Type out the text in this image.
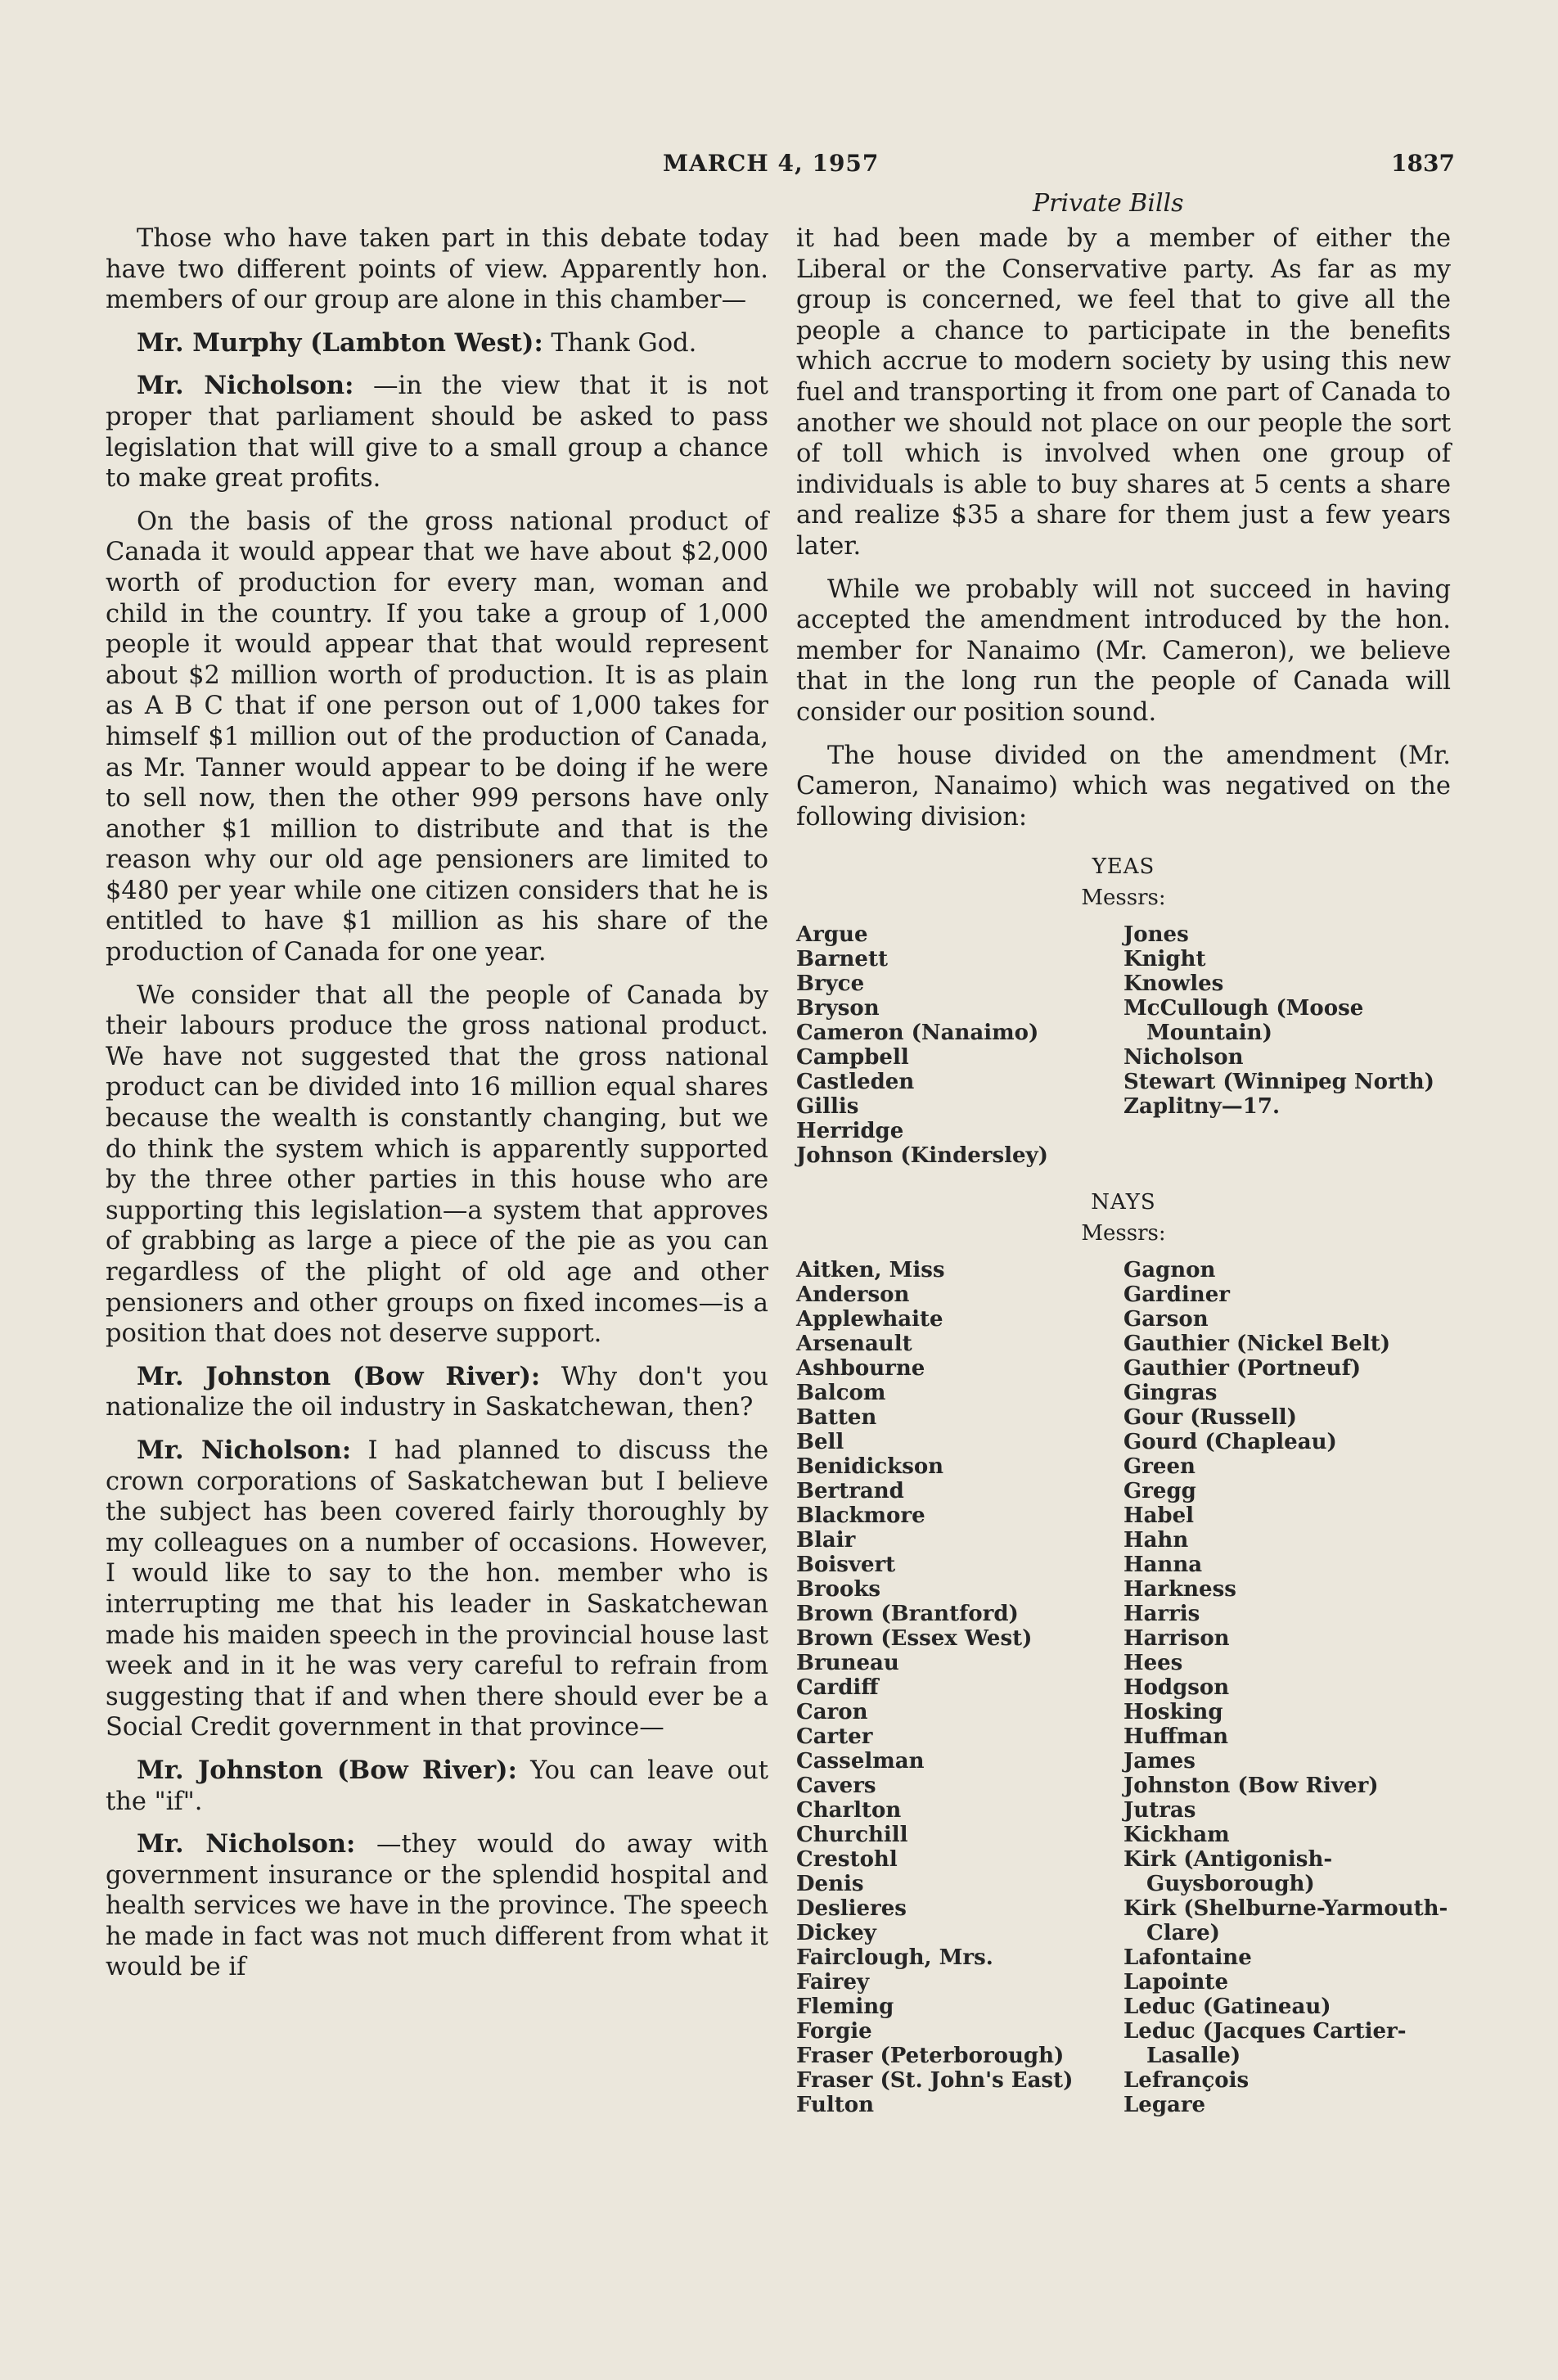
MARCH 4, 1957	1837
Private Bills

Those who have taken part in this debate today have two different points of view. Apparently hon. members of our group are alone in this chamber—

Mr. Murphy (Lambton West): Thank God.

Mr. Nicholson: —in the view that it is not proper that parliament should be asked to pass legislation that will give to a small group a chance to make great profits.

On the basis of the gross national product of Canada it would appear that we have about $2,000 worth of production for every man, woman and child in the country. If you take a group of 1,000 people it would appear that that would represent about $2 million worth of production. It is as plain as A B C that if one person out of 1,000 takes for himself $1 million out of the production of Canada, as Mr. Tanner would appear to be doing if he were to sell now, then the other 999 persons have only another $1 million to distribute and that is the reason why our old age pensioners are limited to $480 per year while one citizen considers that he is entitled to have $1 million as his share of the production of Canada for one year.

We consider that all the people of Canada by their labours produce the gross national product. We have not suggested that the gross national product can be divided into 16 million equal shares because the wealth is constantly changing, but we do think the system which is apparently supported by the three other parties in this house who are supporting this legislation—a system that approves of grabbing as large a piece of the pie as you can regardless of the plight of old age and other pensioners and other groups on fixed incomes—is a position that does not deserve support.

Mr. Johnston (Bow River): Why don't you nationalize the oil industry in Saskatchewan, then?

Mr. Nicholson: I had planned to discuss the crown corporations of Saskatchewan but I believe the subject has been covered fairly thoroughly by my colleagues on a number of occasions. However, I would like to say to the hon. member who is interrupting me that his leader in Saskatchewan made his maiden speech in the provincial house last week and in it he was very careful to refrain from suggesting that if and when there should ever be a Social Credit government in that province—

Mr. Johnston (Bow River): You can leave out the "if".

Mr. Nicholson: —they would do away with government insurance or the splendid hospital and health services we have in the province. The speech he made in fact was not much different from what it would be if

it had been made by a member of either the Liberal or the Conservative party. As far as my group is concerned, we feel that to give all the people a chance to participate in the benefits which accrue to modern society by using this new fuel and transporting it from one part of Canada to another we should not place on our people the sort of toll which is involved when one group of individuals is able to buy shares at 5 cents a share and realize $35 a share for them just a few years later.

While we probably will not succeed in having accepted the amendment introduced by the hon. member for Nanaimo (Mr. Cameron), we believe that in the long run the people of Canada will consider our position sound.

The house divided on the amendment (Mr. Cameron, Nanaimo) which was negatived on the following division:

YEAS
Messrs:
Argue
Barnett
Bryce
Bryson
Cameron (Nanaimo)
Campbell
Castleden
Gillis
Herridge
Johnson (Kindersley)
Jones
Knight
Knowles
McCullough (Moose Mountain)
Nicholson
Stewart (Winnipeg North)
Zaplitny—17.
NAYS
Messrs:
Aitken, Miss
Anderson
Applewhaite
Arsenault
Ashbourne
Balcom
Batten
Bell
Benidickson
Bertrand
Blackmore
Blair
Boisvert
Brooks
Brown (Brantford)
Brown (Essex West)
Bruneau
Cardiff
Caron
Carter
Casselman
Cavers
Charlton
Churchill
Crestohl
Denis
Deslieres
Dickey
Fairclough, Mrs.
Fairey
Fleming
Forgie
Fraser (Peterborough)
Fraser (St. John's East)
Fulton
Gagnon
Gardiner
Garson
Gauthier (Nickel Belt)
Gauthier (Portneuf)
Gingras
Gour (Russell)
Gourd (Chapleau)
Green
Gregg
Habel
Hahn
Hanna
Harkness
Harris
Harrison
Hees
Hodgson
Hosking
Huffman
James
Johnston (Bow River)
Jutras
Kickham
Kirk (Antigonish-Guysborough)
Kirk (Shelburne-Yarmouth-Clare)
Lafontaine
Lapointe
Leduc (Gatineau)
Leduc (Jacques Cartier-Lasalle)
Lefrançois
Legare
